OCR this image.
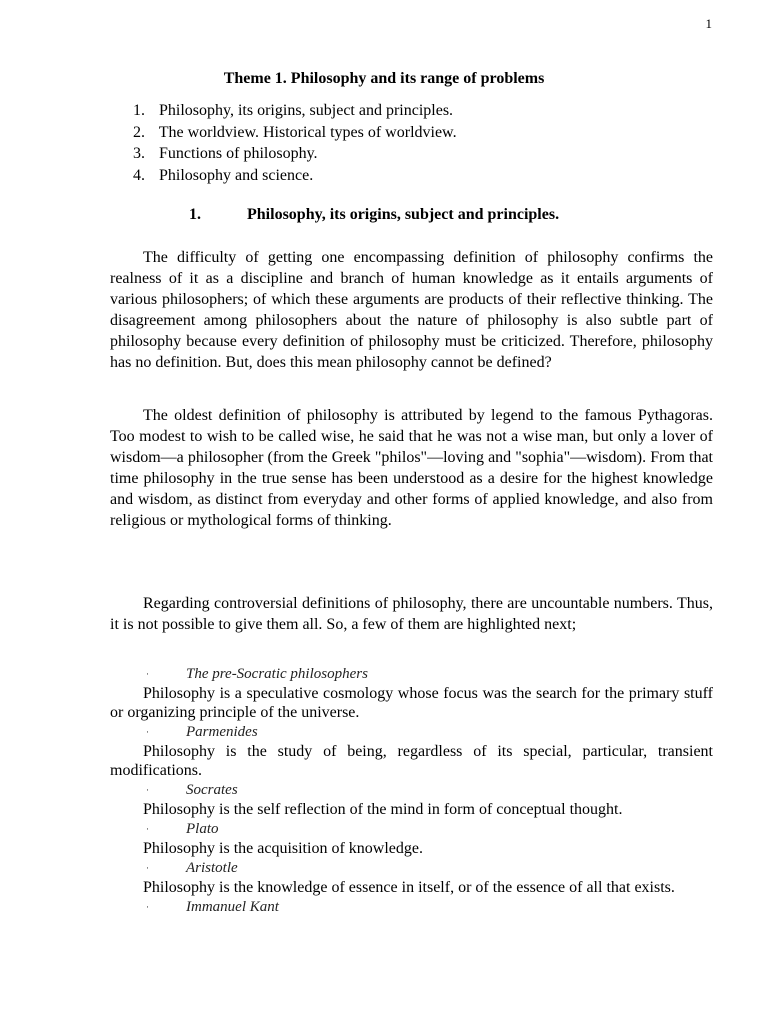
1
Theme 1. Philosophy and its range of problems
1. Philosophy, its origins, subject and principles.
2. The worldview. Historical types of worldview.
3. Functions of philosophy.
4. Philosophy and science.
1.	Philosophy, its origins, subject and principles.

The difficulty of getting one encompassing definition of philosophy confirms the realness of it as a discipline and branch of human knowledge as it entails arguments of various philosophers; of which these arguments are products of their reflective thinking. The disagreement among philosophers about the nature of philosophy is also subtle part of philosophy because every definition of philosophy must be criticized. Therefore, philosophy has no definition. But, does this mean philosophy cannot be defined?

The oldest definition of philosophy is attributed by legend to the famous Pythagoras. Too modest to wish to be called wise, he said that he was not a wise man, but only a lover of wisdom—a philosopher (from the Greek "philos"—loving and "sophia"—wisdom). From that time philosophy in the true sense has been understood as a desire for the highest knowledge and wisdom, as distinct from everyday and other forms of applied knowledge, and also from religious or mythological forms of thinking.

Regarding controversial definitions of philosophy, there are uncountable numbers. Thus, it is not possible to give them all. So, a few of them are highlighted next;

· The pre-Socratic philosophers

Philosophy is a speculative cosmology whose focus was the search for the primary stuff or organizing principle of the universe.

· Parmenides

Philosophy is the study of being, regardless of its special, particular, transient modifications.

· Socrates

Philosophy is the self reflection of the mind in form of conceptual thought.

· Plato

Philosophy is the acquisition of knowledge.

· Aristotle

Philosophy is the knowledge of essence in itself, or of the essence of all that exists.

· Immanuel Kant
